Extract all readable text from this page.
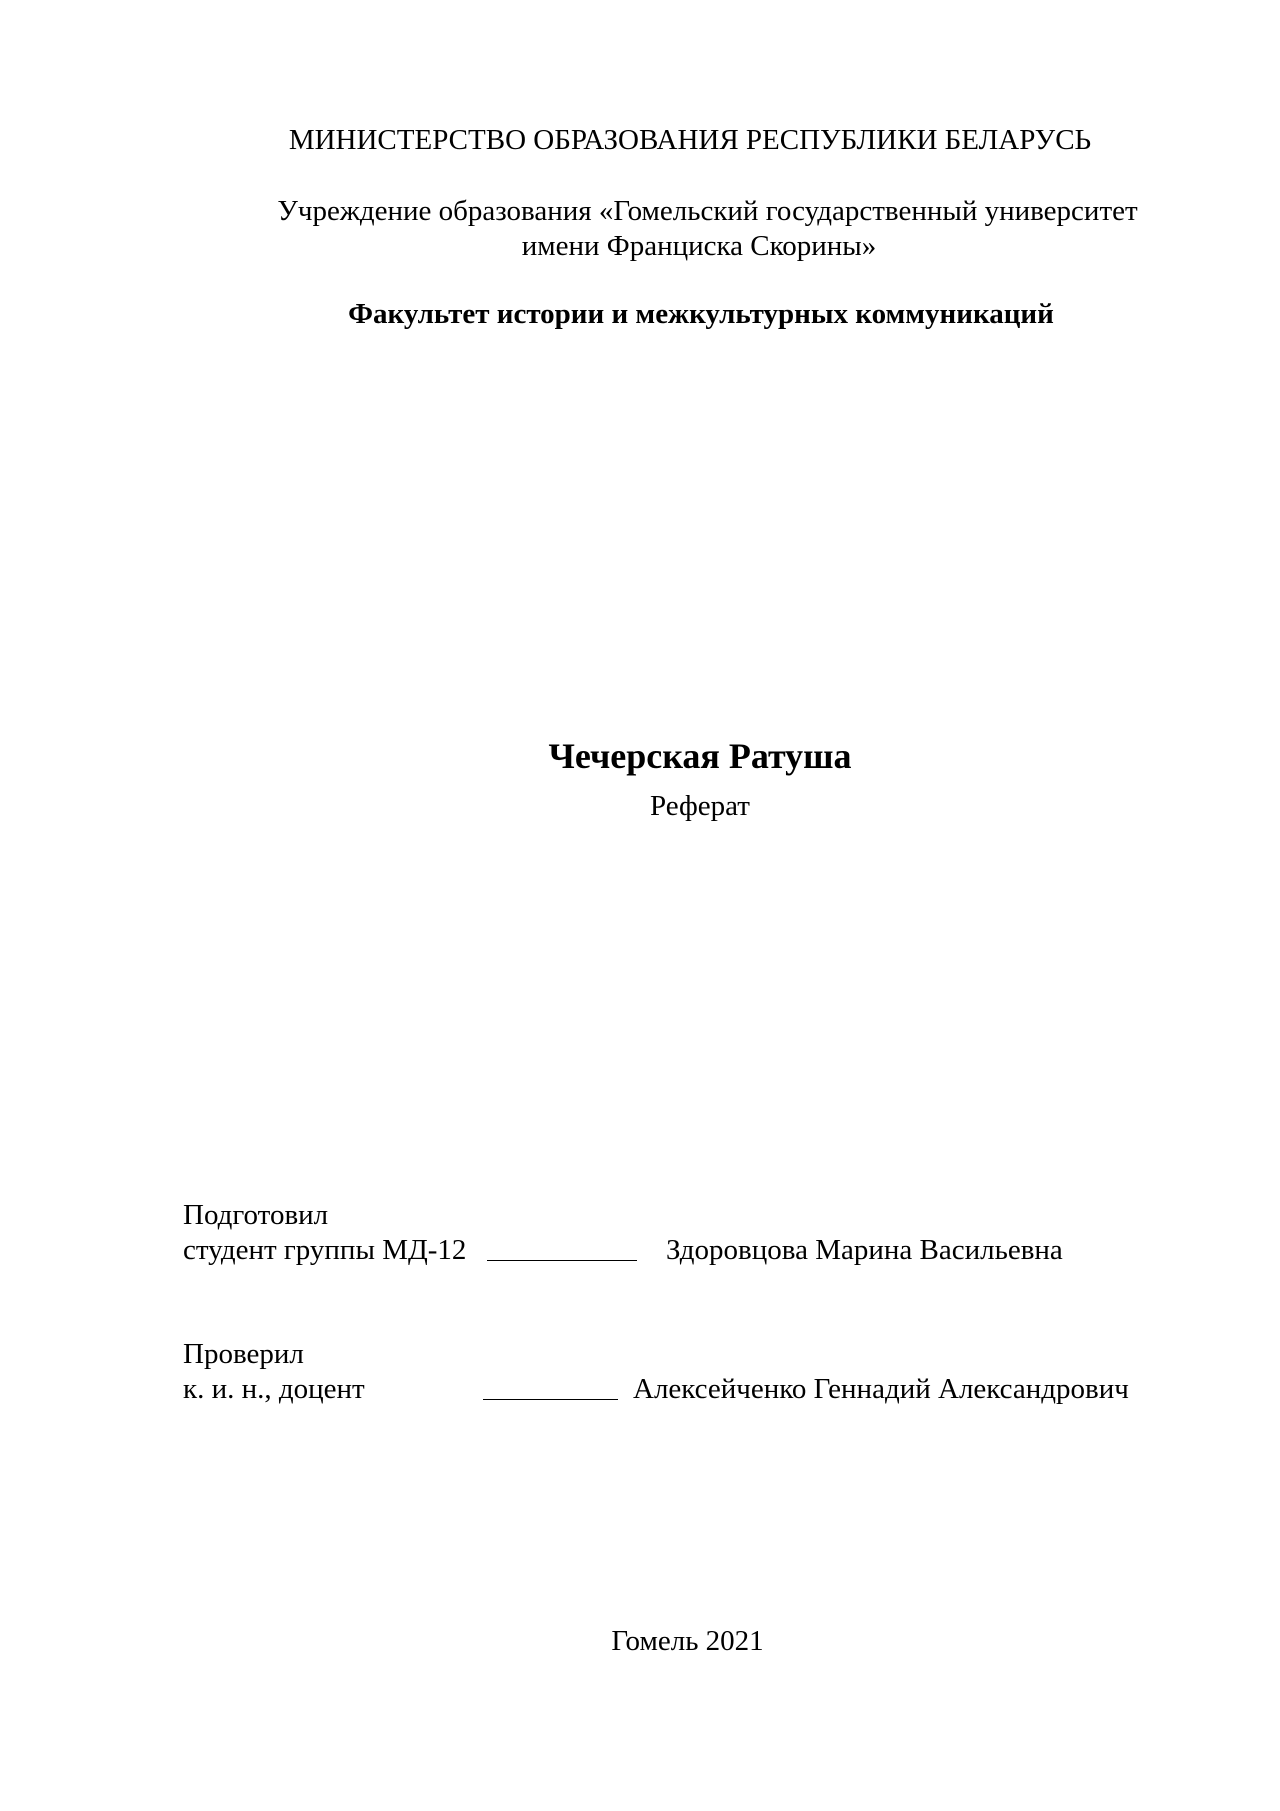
МИНИСТЕРСТВО ОБРАЗОВАНИЯ РЕСПУБЛИКИ БЕЛАРУСЬ
Учреждение образования «Гомельский государственный университет
имени Франциска Скорины»
Факультет истории и межкультурных коммуникаций
Чечерская Ратуша
Реферат
Подготовил
студент группы МД-12	Здоровцова Марина Васильевна
Проверил
к. и. н., доцент	Алексейченко Геннадий Александрович
Гомель 2021
